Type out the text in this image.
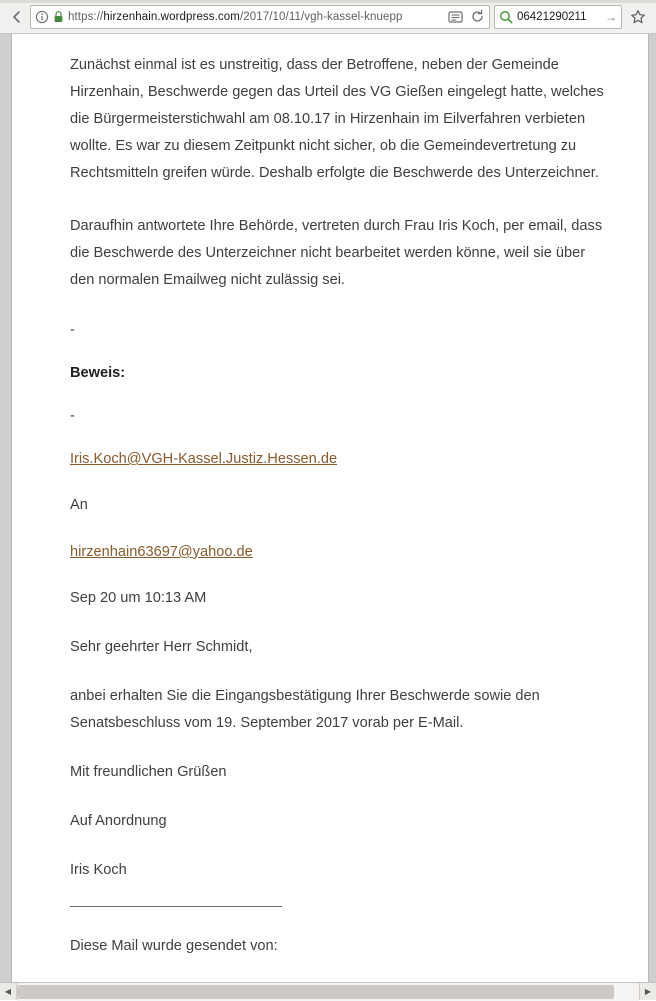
https://hirzenhain.wordpress.com/2017/10/11/vgh-kassel-knuepp	06421290211	→

Zunächst einmal ist es unstreitig, dass der Betroffene, neben der Gemeinde Hirzenhain, Beschwerde gegen das Urteil des VG Gießen eingelegt hatte, welches die Bürgermeisterstichwahl am 08.10.17 in Hirzenhain im Eilverfahren verbieten wollte. Es war zu diesem Zeitpunkt nicht sicher, ob die Gemeindevertretung zu Rechtsmitteln greifen würde. Deshalb erfolgte die Beschwerde des Unterzeichner.

Daraufhin antwortete Ihre Behörde, vertreten durch Frau Iris Koch, per email, dass die Beschwerde des Unterzeichner nicht bearbeitet werden könne, weil sie über den normalen Emailweg nicht zulässig sei.

-

Beweis:

-

Iris.Koch@VGH-Kassel.Justiz.Hessen.de

An

hirzenhain63697@yahoo.de

Sep 20 um 10:13 AM

Sehr geehrter Herr Schmidt,

anbei erhalten Sie die Eingangsbestätigung Ihrer Beschwerde sowie den Senatsbeschluss vom 19. September 2017 vorab per E-Mail.

Mit freundlichen Grüßen

Auf Anordnung

Iris Koch

Diese Mail wurde gesendet von:

◀	▶
